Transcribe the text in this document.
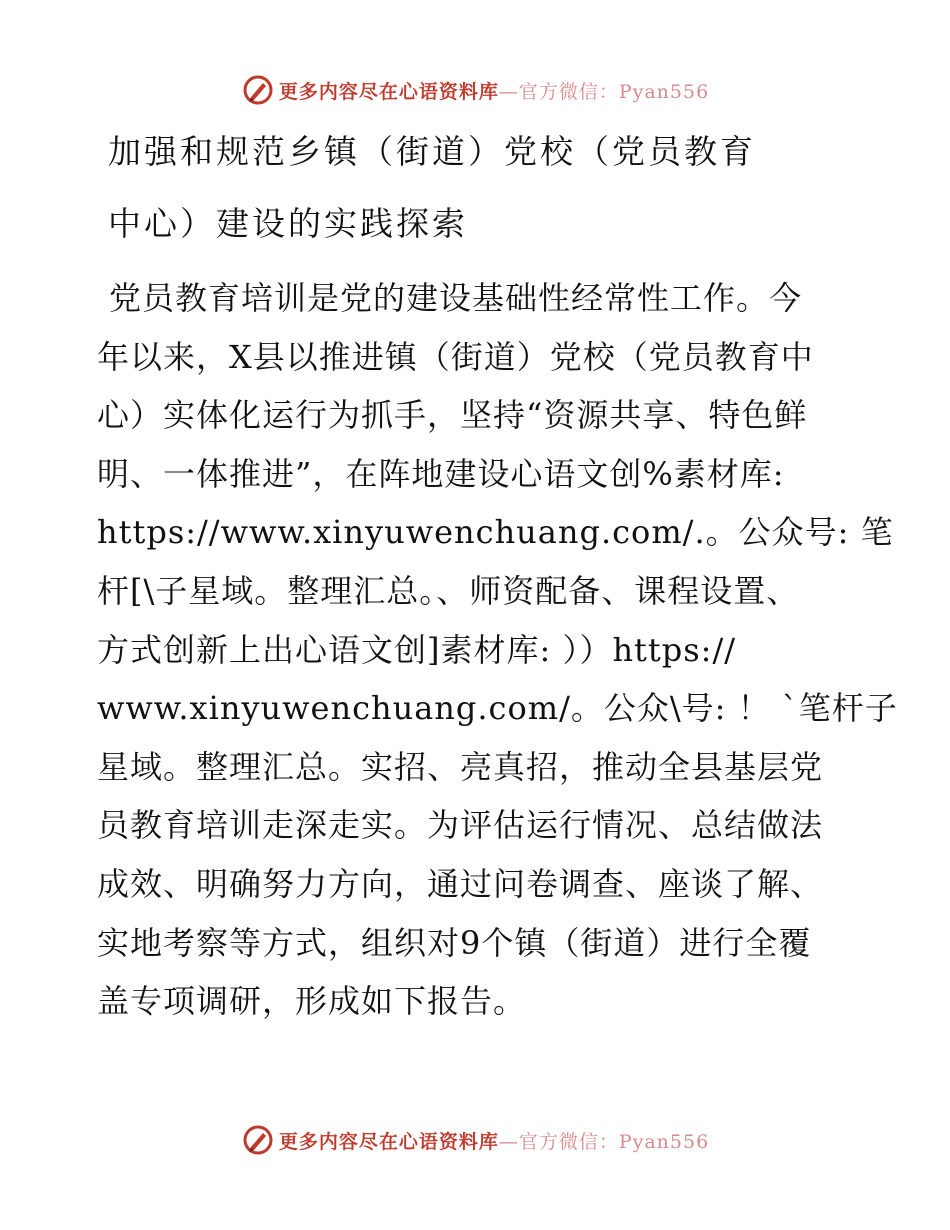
更多内容尽在心语资料库—官方微信：Pyan556
加强和规范乡镇（街道）党校（党员教育
中心）建设的实践探索
党员教育培训是党的建设基础性经常性工作。今
年以来，X县以推进镇（街道）党校（党员教育中
心）实体化运行为抓手，坚持“资源共享、特色鲜
明、一体推进”，在阵地建设心语文创%素材库:
https://www.xinyuwenchuang.com/.。公众号: 笔
杆[\子星域。整理汇总。、师资配备、课程设置、
方式创新上出心语文创]素材库: ））https://
www.xinyuwenchuang.com/。公众\号: ！ `笔杆子
星域。整理汇总。实招、亮真招，推动全县基层党
员教育培训走深走实。为评估运行情况、总结做法
成效、明确努力方向，通过问卷调查、座谈了解、
实地考察等方式，组织对9个镇（街道）进行全覆
盖专项调研，形成如下报告。
更多内容尽在心语资料库—官方微信：Pyan556
